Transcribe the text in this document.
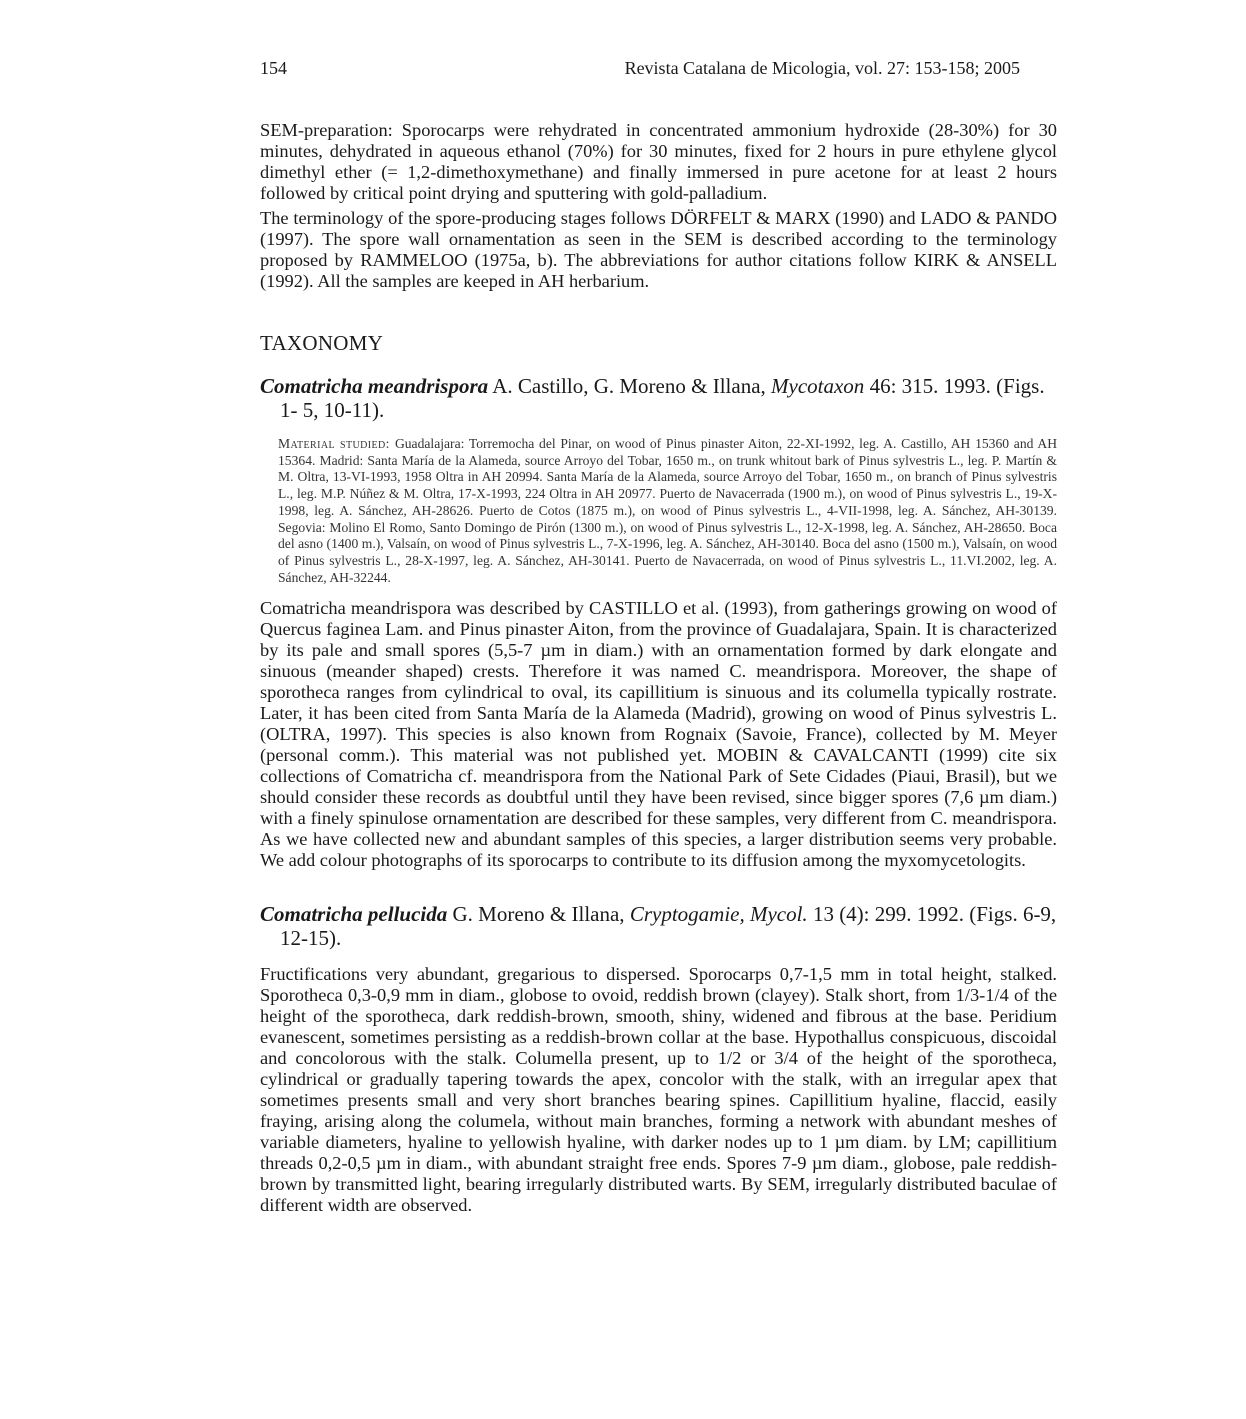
154	Revista Catalana de Micologia, vol. 27: 153-158; 2005

SEM-preparation: Sporocarps were rehydrated in concentrated ammonium hydroxide (28-30%) for 30 minutes, dehydrated in aqueous ethanol (70%) for 30 minutes, fixed for 2 hours in pure ethylene glycol dimethyl ether (= 1,2-dimethoxymethane) and finally immersed in pure acetone for at least 2 hours followed by critical point drying and sputtering with gold-palladium.

The terminology of the spore-producing stages follows DÖRFELT & MARX (1990) and LADO & PANDO (1997). The spore wall ornamentation as seen in the SEM is described according to the terminology proposed by RAMMELOO (1975a, b). The abbreviations for author citations follow KIRK & ANSELL (1992). All the samples are keeped in AH herbarium.

TAXONOMY

Comatricha meandrispora A. Castillo, G. Moreno & Illana, Mycotaxon 46: 315. 1993. (Figs. 1- 5, 10-11).

Material studied: Guadalajara: Torremocha del Pinar, on wood of Pinus pinaster Aiton, 22-XI-1992, leg. A. Castillo, AH 15360 and AH 15364. Madrid: Santa María de la Alameda, source Arroyo del Tobar, 1650 m., on trunk whitout bark of Pinus sylvestris L., leg. P. Martín & M. Oltra, 13-VI-1993, 1958 Oltra in AH 20994. Santa María de la Alameda, source Arroyo del Tobar, 1650 m., on branch of Pinus sylvestris L., leg. M.P. Núñez & M. Oltra, 17-X-1993, 224 Oltra in AH 20977. Puerto de Navacerrada (1900 m.), on wood of Pinus sylvestris L., 19-X-1998, leg. A. Sánchez, AH-28626. Puerto de Cotos (1875 m.), on wood of Pinus sylvestris L., 4-VII-1998, leg. A. Sánchez, AH-30139. Segovia: Molino El Romo, Santo Domingo de Pirón (1300 m.), on wood of Pinus sylvestris L., 12-X-1998, leg. A. Sánchez, AH-28650. Boca del asno (1400 m.), Valsaín, on wood of Pinus sylvestris L., 7-X-1996, leg. A. Sánchez, AH-30140. Boca del asno (1500 m.), Valsaín, on wood of Pinus sylvestris L., 28-X-1997, leg. A. Sánchez, AH-30141. Puerto de Navacerrada, on wood of Pinus sylvestris L., 11.VI.2002, leg. A. Sánchez, AH-32244.

Comatricha meandrispora was described by CASTILLO et al. (1993), from gatherings growing on wood of Quercus faginea Lam. and Pinus pinaster Aiton, from the province of Guadalajara, Spain. It is characterized by its pale and small spores (5,5-7 µm in diam.) with an ornamentation formed by dark elongate and sinuous (meander shaped) crests. Therefore it was named C. meandrispora. Moreover, the shape of sporotheca ranges from cylindrical to oval, its capillitium is sinuous and its columella typically rostrate. Later, it has been cited from Santa María de la Alameda (Madrid), growing on wood of Pinus sylvestris L. (OLTRA, 1997). This species is also known from Rognaix (Savoie, France), collected by M. Meyer (personal comm.). This material was not published yet. MOBIN & CAVALCANTI (1999) cite six collections of Comatricha cf. meandrispora from the National Park of Sete Cidades (Piaui, Brasil), but we should consider these records as doubtful until they have been revised, since bigger spores (7,6 µm diam.) with a finely spinulose ornamentation are described for these samples, very different from C. meandrispora. As we have collected new and abundant samples of this species, a larger distribution seems very probable. We add colour photographs of its sporocarps to contribute to its diffusion among the myxomycetologits.

Comatricha pellucida G. Moreno & Illana, Cryptogamie, Mycol. 13 (4): 299. 1992. (Figs. 6-9, 12-15).

Fructifications very abundant, gregarious to dispersed. Sporocarps 0,7-1,5 mm in total height, stalked. Sporotheca 0,3-0,9 mm in diam., globose to ovoid, reddish brown (clayey). Stalk short, from 1/3-1/4 of the height of the sporotheca, dark reddish-brown, smooth, shiny, widened and fibrous at the base. Peridium evanescent, sometimes persisting as a reddish-brown collar at the base. Hypothallus conspicuous, discoidal and concolorous with the stalk. Columella present, up to 1/2 or 3/4 of the height of the sporotheca, cylindrical or gradually tapering towards the apex, concolor with the stalk, with an irregular apex that sometimes presents small and very short branches bearing spines. Capillitium hyaline, flaccid, easily fraying, arising along the columela, without main branches, forming a network with abundant meshes of variable diameters, hyaline to yellowish hyaline, with darker nodes up to 1 µm diam. by LM; capillitium threads 0,2-0,5 µm in diam., with abundant straight free ends. Spores 7-9 µm diam., globose, pale reddish-brown by transmitted light, bearing irregularly distributed warts. By SEM, irregularly distributed baculae of different width are observed.
